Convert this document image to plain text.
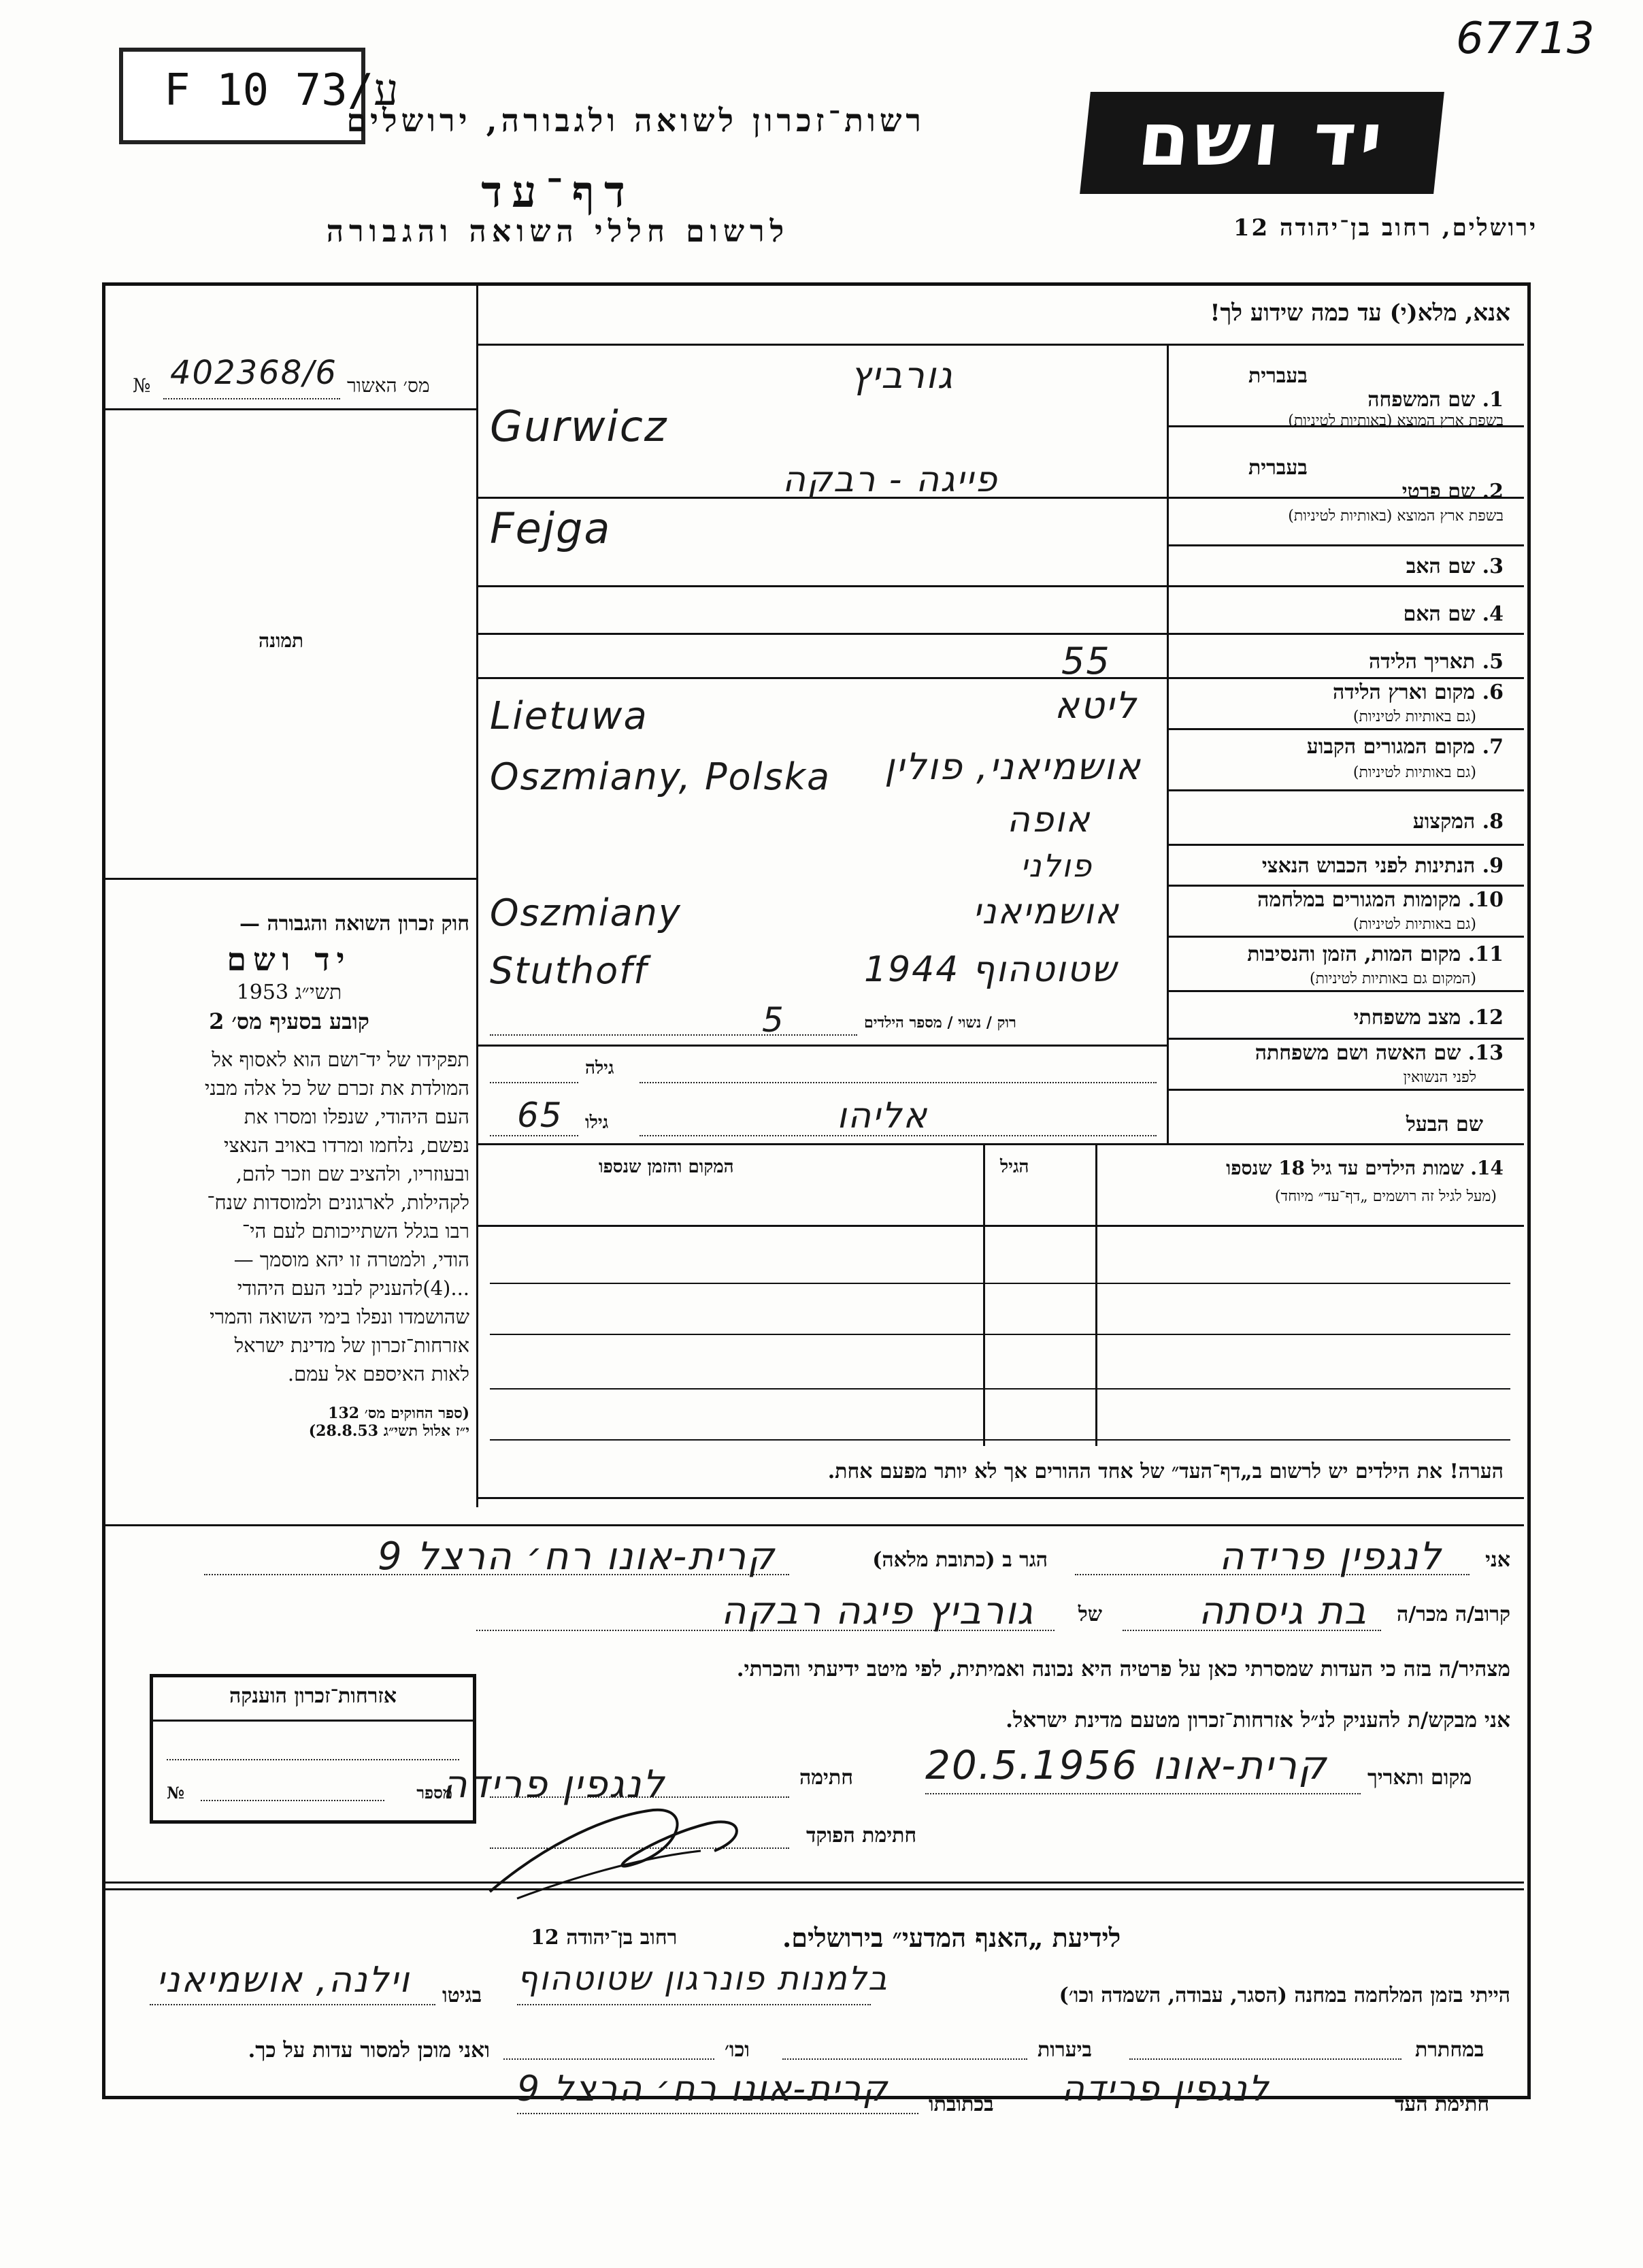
67713
F 10 73/ע
רשות־זכרון לשואה ולגבורה, ירושלים
דף־עד
לרשום חללי השואה והגבורה
יד ושם
ירושלים, רחוב בן־יהודה 12
אנא, מלא(י) עד כמה שידוע לך!
מס׳ האשור
№ 402368/6
תמונה
חוק זכרון השואה והגבורה —
יד ושם
תשי״ג 1953
קובע בסעיף מס׳ 2
תפקידו של יד־ושם הוא לאסוף אל
המולדת את זכרם של כל אלה מבני
העם היהודי, שנפלו ומסרו את
נפשם, נלחמו ומרדו באויב הנאצי
ובעוזריו, ולהציב שם וזכר להם,
לקהילות, לארגונים ולמוסדות שנח־
רבו בגלל השתייכותם לעם הי־
הודי, ולמטרה זו יהא מוסמך —
...(4)להעניק לבני העם היהודי
שהושמדו ונפלו בימי השואה והמרי
אזרחות־זכרון של מדינת ישראל
לאות האיספם אל עמם.
(ספר החוקים מס׳ 132
י״ז אלול תשי״ג 28.8.53)
בעברית
1. שם המשפחה
בשפת ארץ המוצא (באותיות לטיניות)
בעברית
2. שם פרטי
בשפת ארץ המוצא (באותיות לטיניות)
3. שם האב
4. שם האם
5. תאריך הלידה
6. מקום וארץ הלידה
(גם באותיות לטיניות)
7. מקום המגורים הקבוע
(גם באותיות לטיניות)
8. המקצוע
9. הנתינות לפני הכבוש הנאצי
10. מקומות המגורים במלחמה
(גם באותיות לטיניות)
11. מקום המות, הזמן והנסיבות
(המקום גם באותיות לטיניות)
12. מצב משפחתי
13. שם האשה ושם משפחתה
לפני הנשואין
שם הבעל
גורביץ
Gurwicz
פייגה - רבקה
Fejga
55
ליטא
Lietuwa
אושמיאני, פולין
Oszmiany, Polska
אופה
פולני
אושמיאני
Oszmiany
שטוטהוף 1944
Stuthoff
רוק / נשוי / מספר הילדים
5
גילה
גילו
65	אליהו
14. שמות הילדים עד גיל 18 שנספו
(מעל לגיל זה רושמים „דף־עד״ מיוחד)
הגיל
המקום והזמן שנספו
הערה! את הילדים יש לרשום ב„דף־העד״ של אחד ההורים אך לא יותר מפעם אחת.
אני
לנגפין פרידה
הגר ב (כתובת מלאה)
קרית-אונו רח׳ הרצל 9
קרוב/ה מכר/ה
בת גיסתה
של
גורביץ פיגה רבקה
מצהיר/ה בזה כי העדות שמסרתי כאן על פרטיה היא נכונה ואמיתית, לפי מיטב ידיעתי והכרתי.
אני מבקש/ת להעניק לנ״ל אזרחות־זכרון מטעם מדינת ישראל.
מקום ותאריך
קרית-אונו 20.5.1956
חתימה
לנגפין פרידה
חתימת הפוקד
אזרחות־זכרון הוענקה
מספר
№
לידיעת „האנף המדעי״ בירושלים.
רחוב בן־יהודה 12
הייתי בזמן המלחמה במחנה (הסגר, עבודה, השמדה וכו׳)
בלמנות פונרגון שטוטהוף
בגיטו
וילנה, אושמיאני
במחתרת
ביערות
וכו׳
ואני מוכן למסור עדות על כך.
חתימת העד
לנגפין פרידה
בכתובתו
קרית-אונו רח׳ הרצל 9
